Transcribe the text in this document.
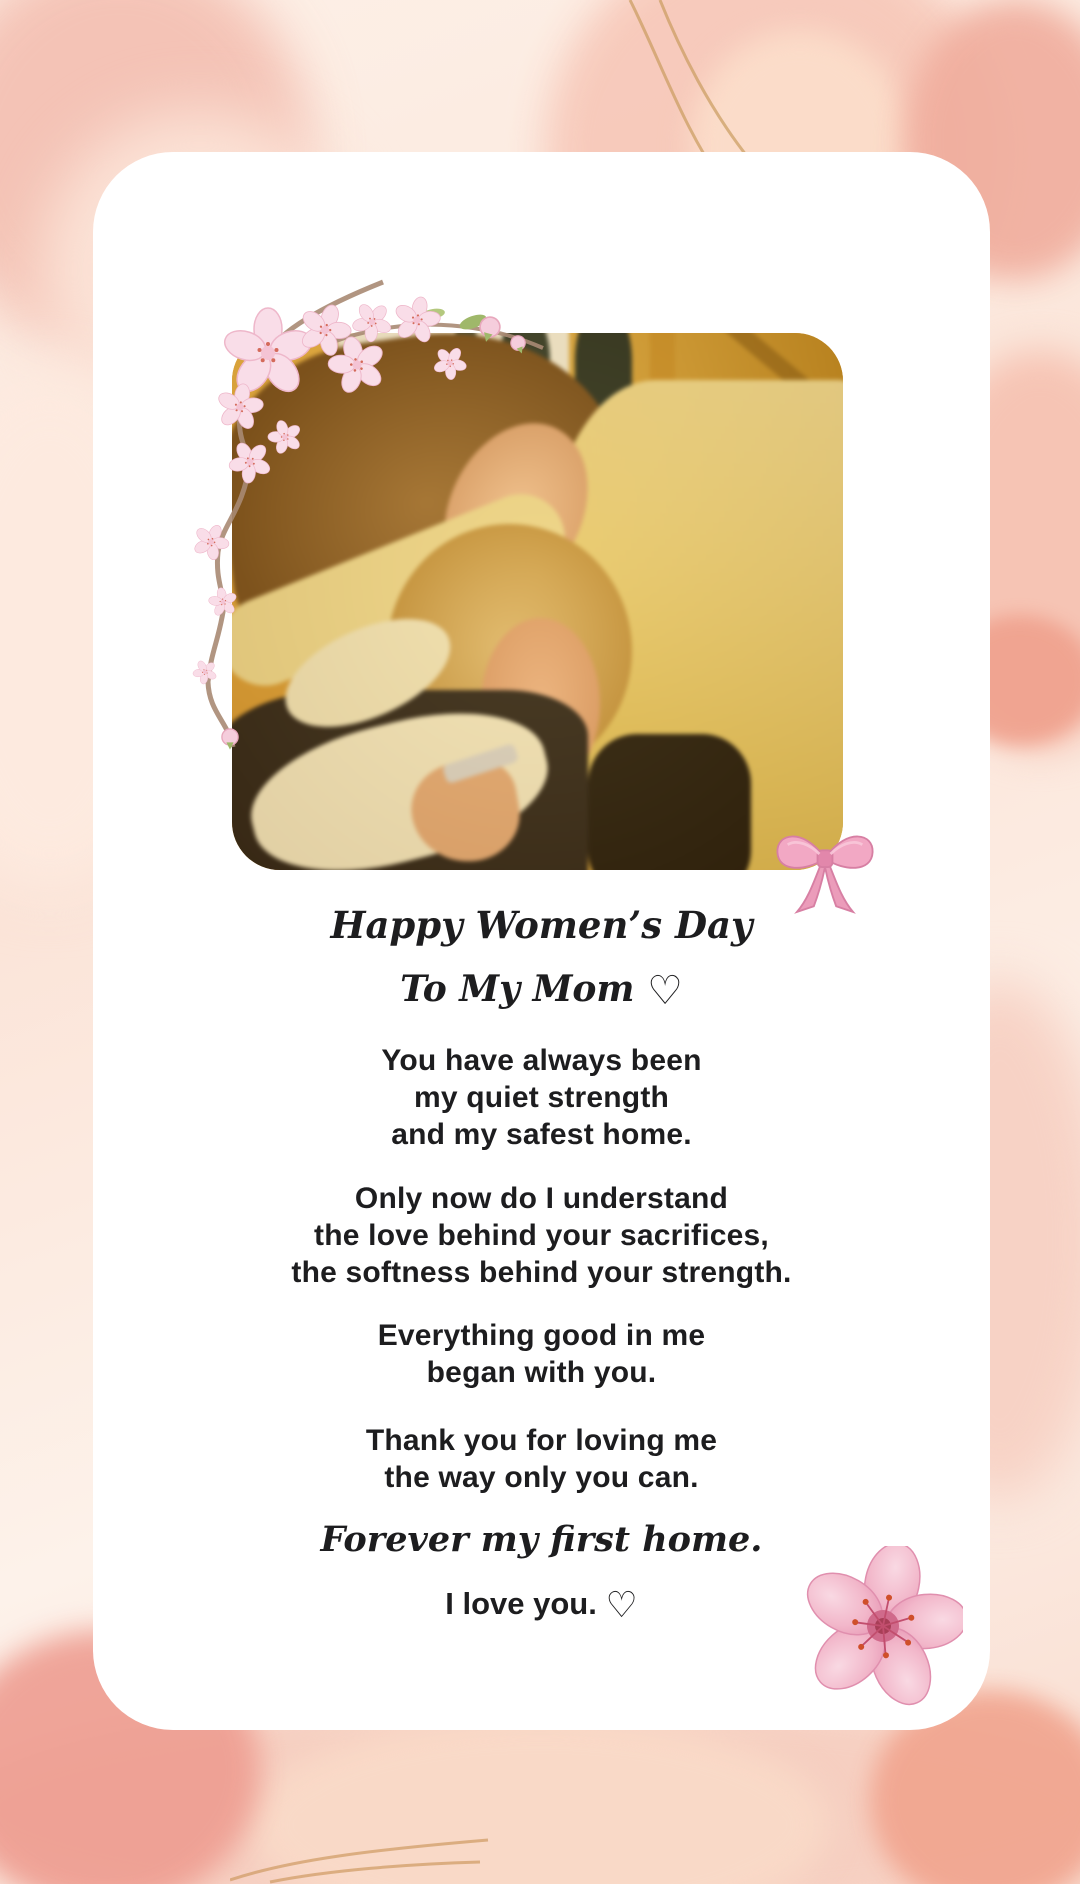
Happy Women’s Day
To My Mom ♡

You have always been
my quiet strength
and my safest home.

Only now do I understand
the love behind your sacrifices,
the softness behind your strength.

Everything good in me
began with you.

Thank you for loving me
the way only you can.

Forever my first home.

I love you. ♡
